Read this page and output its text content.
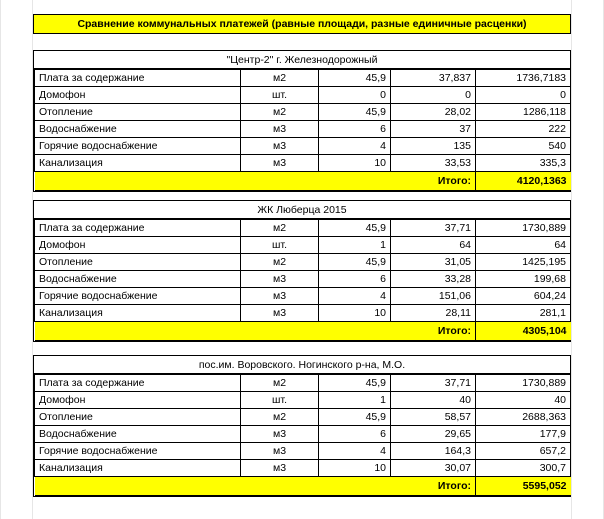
Сравнение коммунальных платежей (равные площади, разные единичные расценки)
"Центр-2" г. Железнодорожный
Плата за содержание	м2	45,9	37,837	1736,7183
Домофон	шт.	0	0	0
Отопление	м2	45,9	28,02	1286,118
Водоснабжение	м3	6	37	222
Горячие водоснабжение	м3	4	135	540
Канализация	м3	10	33,53	335,3
Итого:				4120,1363
ЖК Люберца 2015
Плата за содержание	м2	45,9	37,71	1730,889
Домофон	шт.	1	64	64
Отопление	м2	45,9	31,05	1425,195
Водоснабжение	м3	6	33,28	199,68
Горячие водоснабжение	м3	4	151,06	604,24
Канализация	м3	10	28,11	281,1
Итого:				4305,104
пос.им. Воровского. Ногинского р-на, М.О.
Плата за содержание	м2	45,9	37,71	1730,889
Домофон	шт.	1	40	40
Отопление	м2	45,9	58,57	2688,363
Водоснабжение	м3	6	29,65	177,9
Горячие водоснабжение	м3	4	164,3	657,2
Канализация	м3	10	30,07	300,7
Итого:				5595,052
